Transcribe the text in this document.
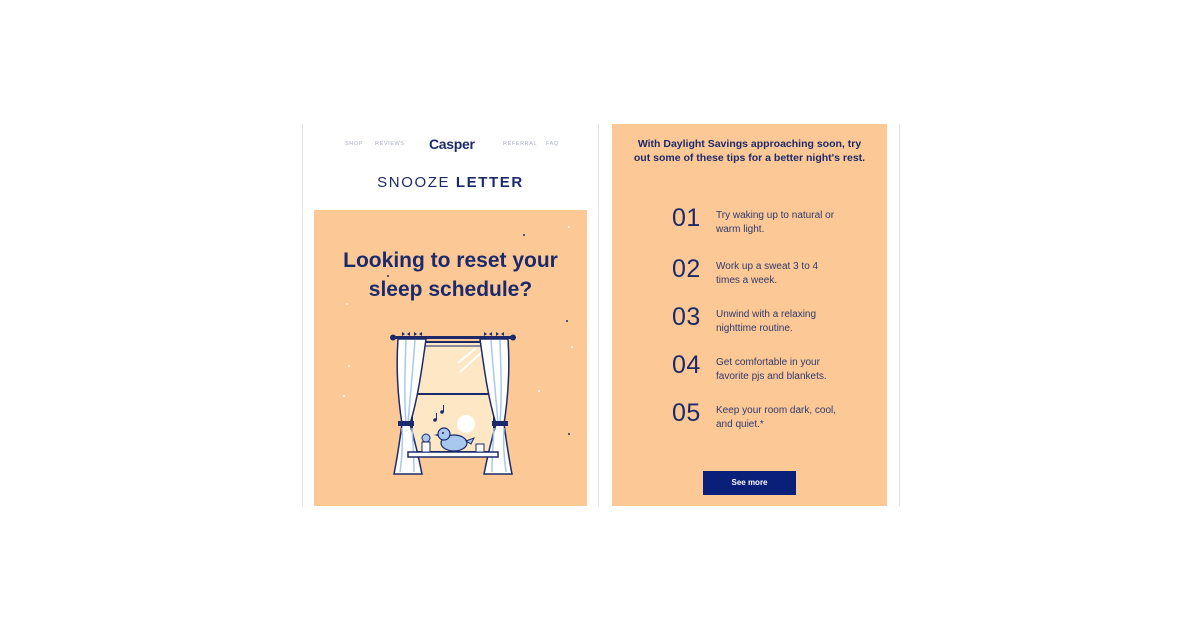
SHOP REVIEWS Casper	REFERRAL FAQ
SNOOZE LETTER
Looking to reset your
sleep schedule?
With Daylight Savings approaching soon, try out some of these tips for a better night's rest.
01 Try waking up to natural or warm light.
02 Work up a sweat 3 to 4 times a week.
03 Unwind with a relaxing nighttime routine.
04 Get comfortable in your favorite pjs and blankets.
05 Keep your room dark, cool, and quiet.*
See more
